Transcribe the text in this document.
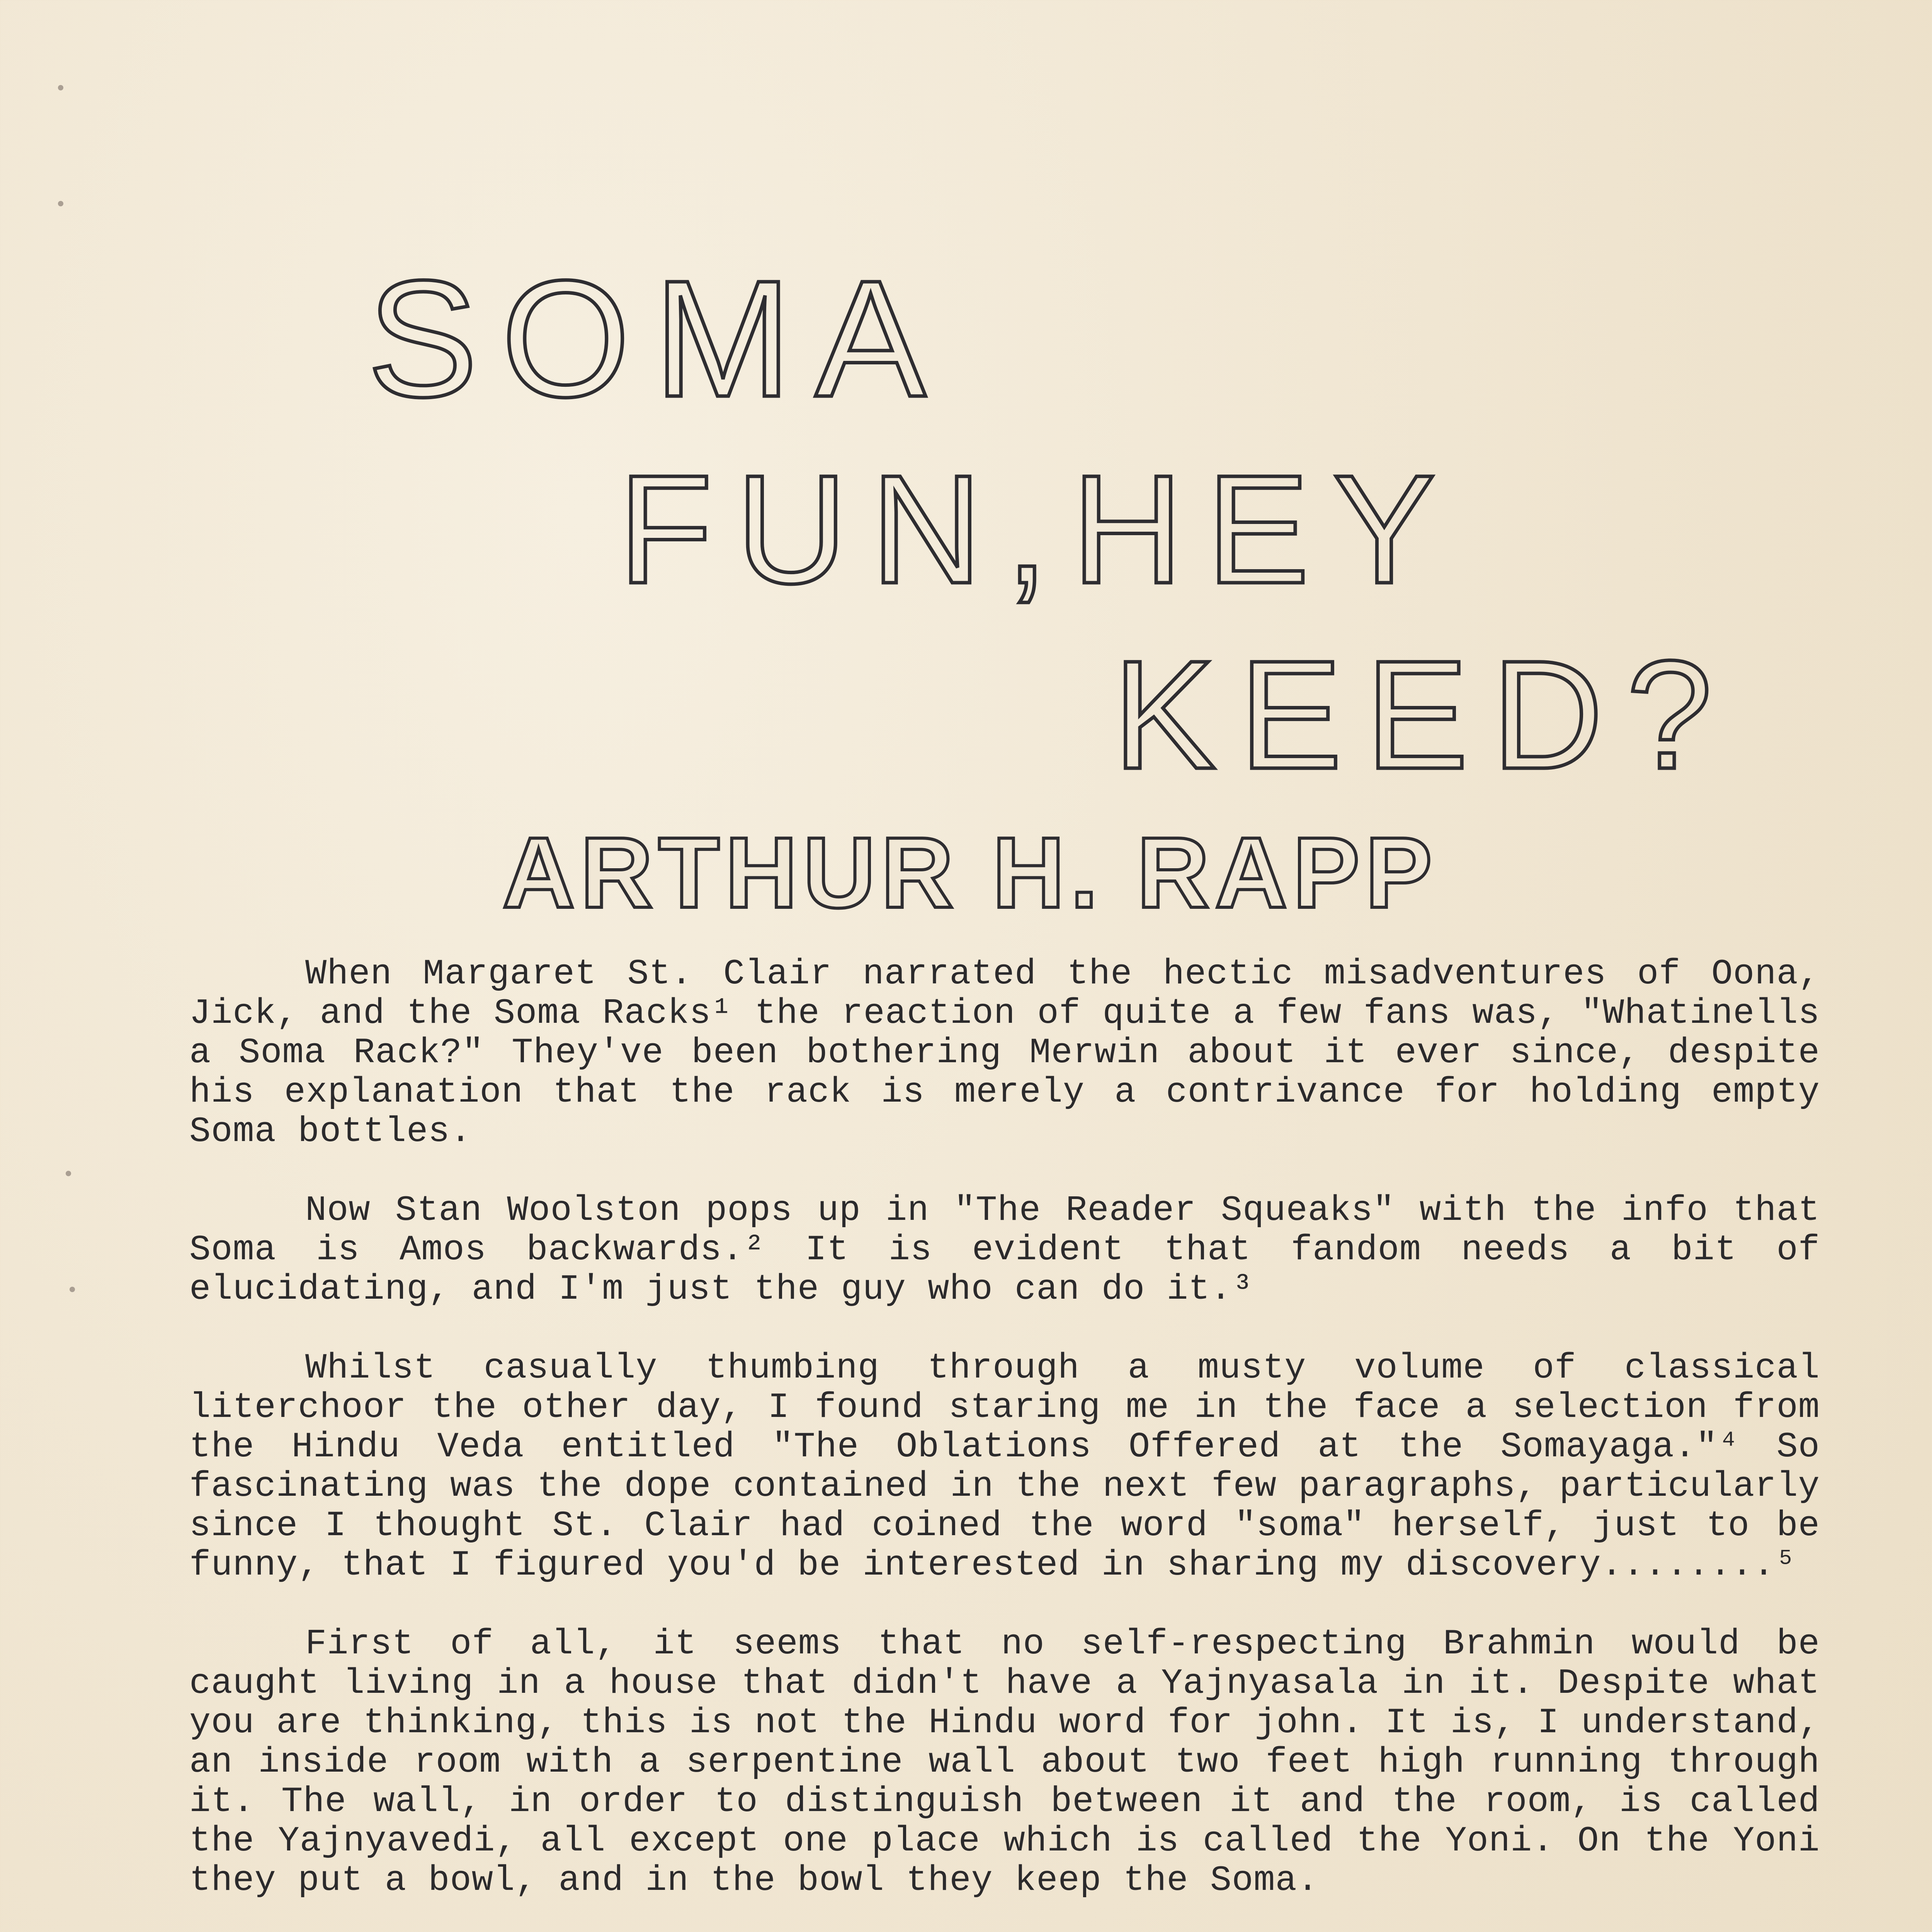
SOMA
FUN,HEY
KEED?
ARTHUR H. RAPP

When Margaret St. Clair narrated the hectic misadventures of Oona, Jick, and the Soma Racks¹ the reaction of quite a few fans was, "Whatinells a Soma Rack?" They've been bothering Merwin about it ever since, despite his explanation that the rack is merely a contrivance for holding empty Soma bottles.

Now Stan Woolston pops up in "The Reader Squeaks" with the info that Soma is Amos backwards.² It is evident that fandom needs a bit of elucidating, and I'm just the guy who can do it.³

Whilst casually thumbing through a musty volume of classical literchoor the other day, I found staring me in the face a selection from the Hindu Veda entitled "The Oblations Offered at the Somayaga."⁴ So fascinating was the dope contained in the next few paragraphs, particularly since I thought St. Clair had coined the word "soma" herself, just to be funny, that I figured you'd be interested in sharing my discovery........⁵

First of all, it seems that no self-respecting Brahmin would be caught living in a house that didn't have a Yajnyasala in it. Despite what you are thinking, this is not the Hindu word for john. It is, I understand, an inside room with a serpentine wall about two feet high running through it. The wall, in order to distinguish between it and the room, is called the Yajnyavedi, all except one place which is called the Yoni. On the Yoni they put a bowl, and in the bowl they keep the Soma.
